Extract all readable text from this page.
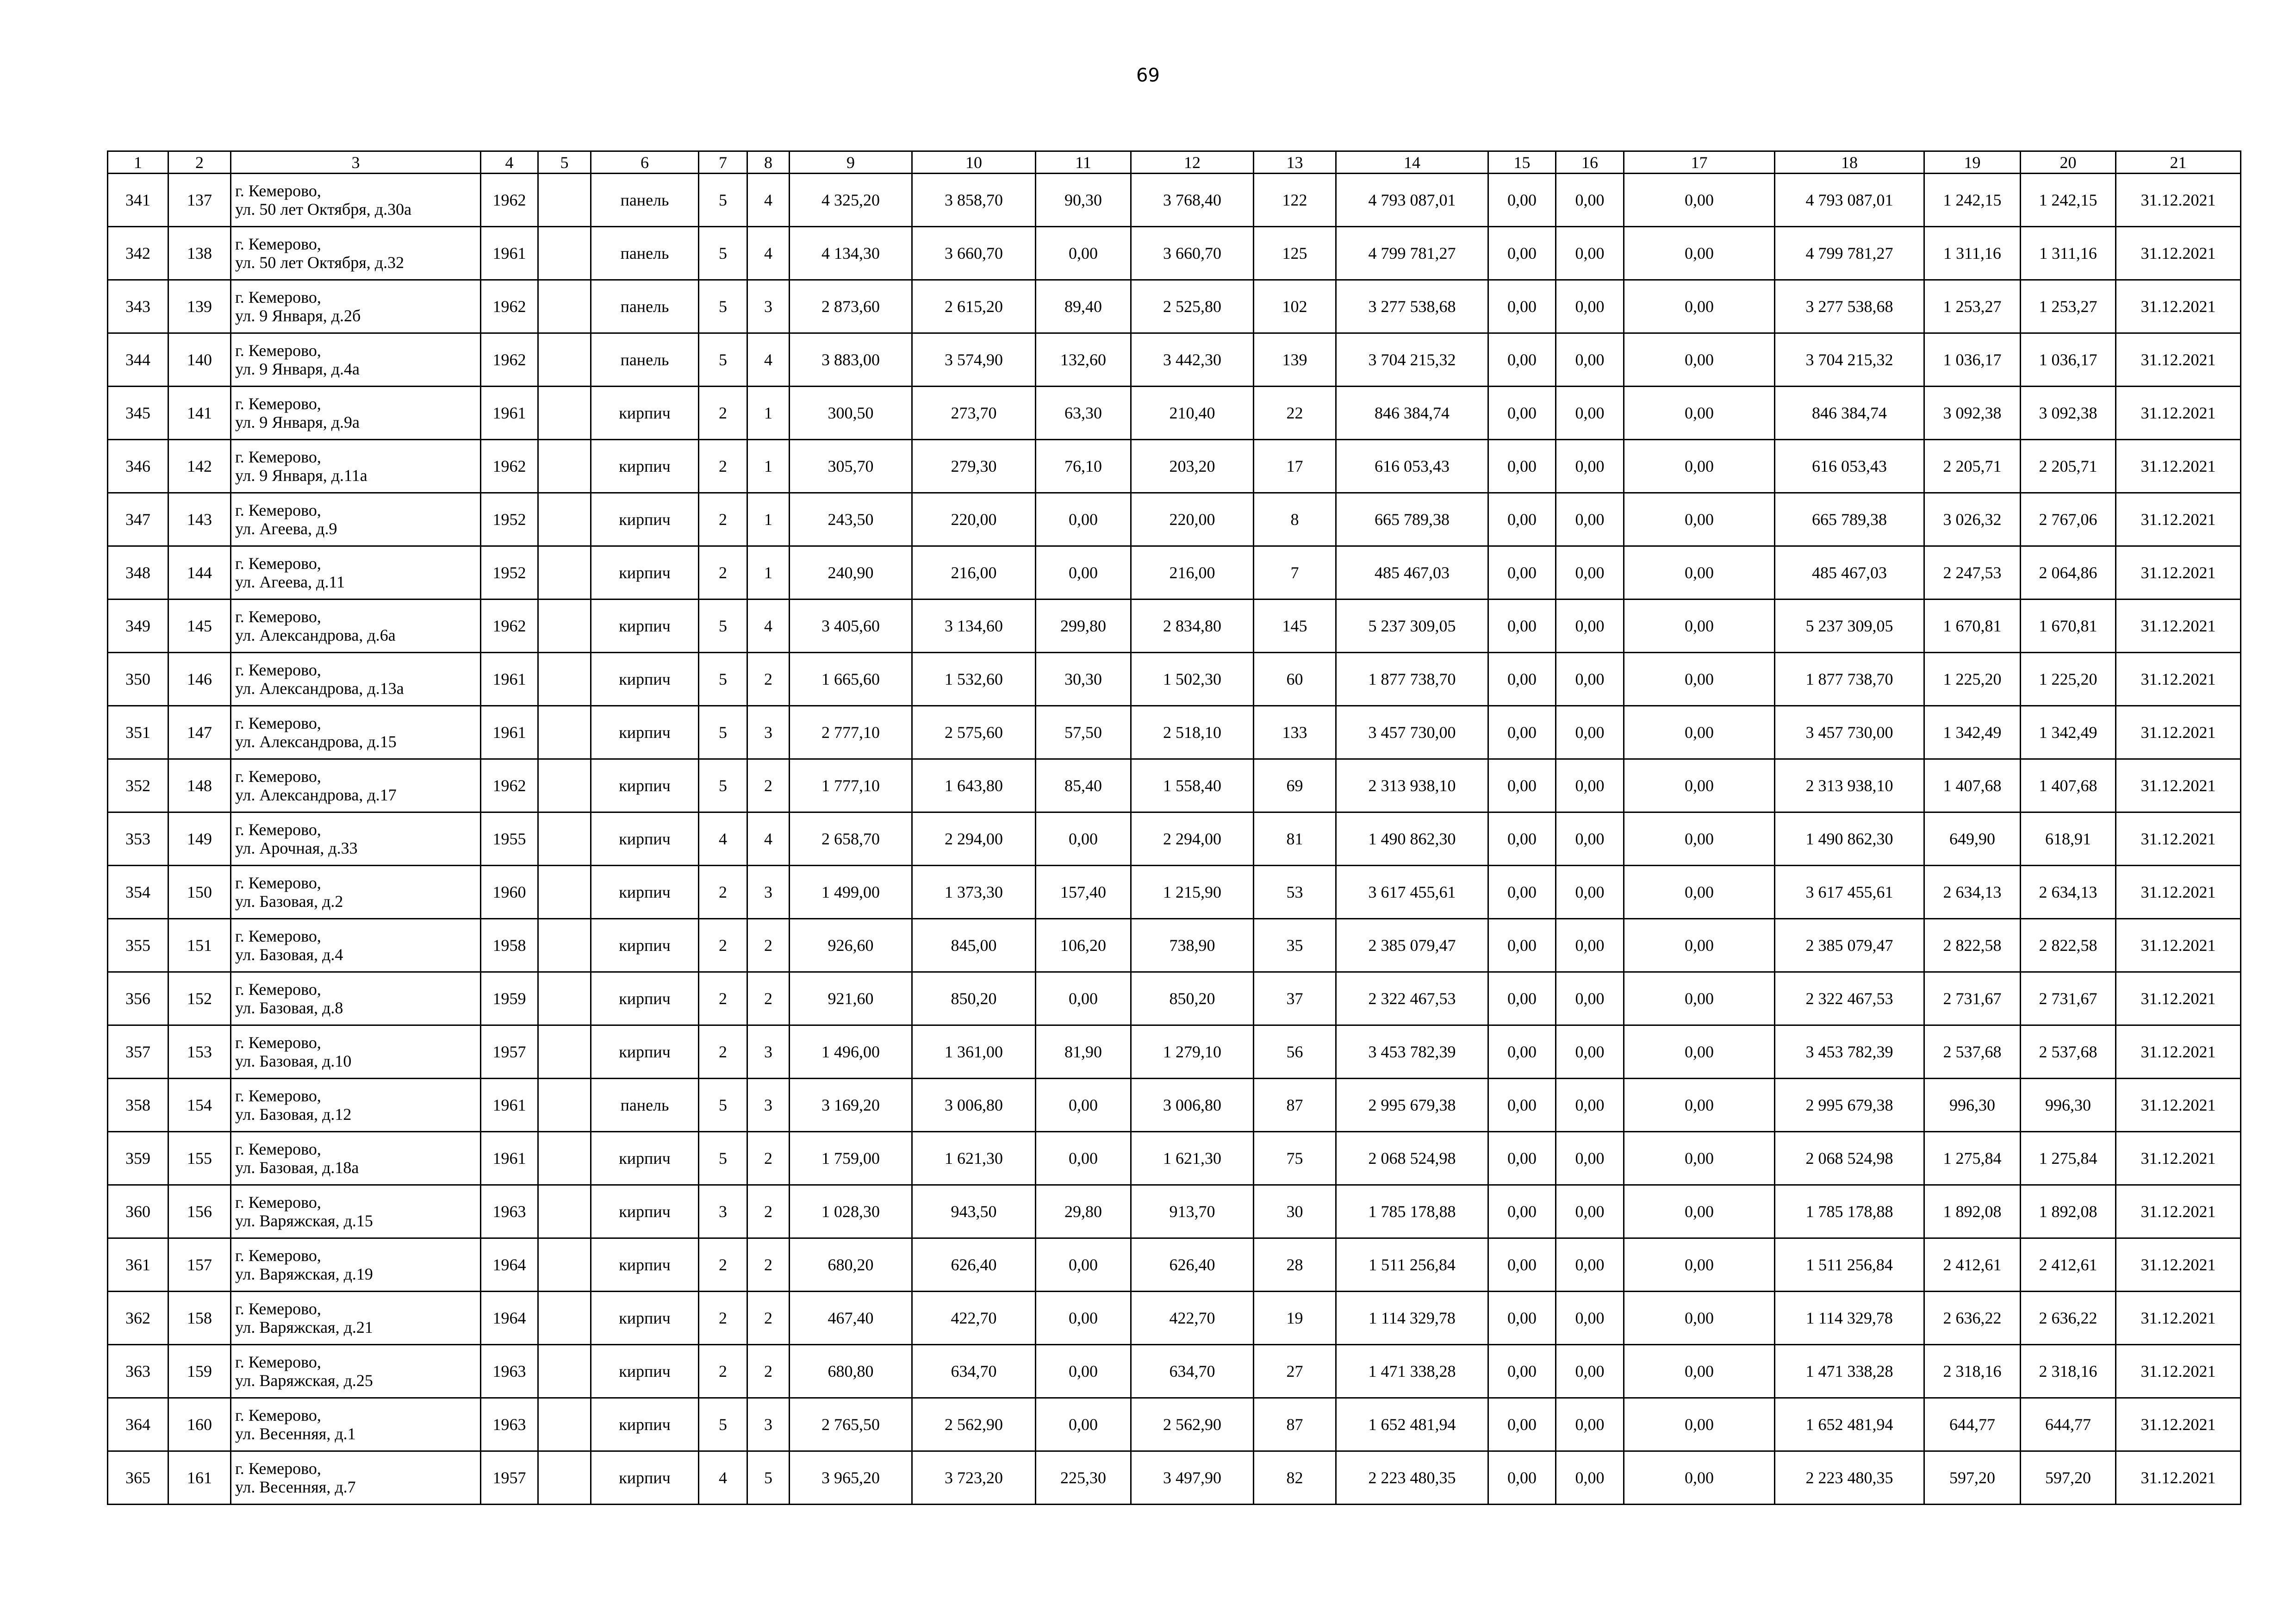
69
1	2	3	4	5	6	7	8	9	10	11	12	13	14	15	16	17	18	19	20	21
341	137	г. Кемерово,
ул. 50 лет Октября, д.30а	1962		панель	5	4	4 325,20	3 858,70	90,30	3 768,40	122	4 793 087,01	0,00	0,00	0,00	4 793 087,01	1 242,15	1 242,15	31.12.2021
342	138	г. Кемерово,
ул. 50 лет Октября, д.32	1961		панель	5	4	4 134,30	3 660,70	0,00	3 660,70	125	4 799 781,27	0,00	0,00	0,00	4 799 781,27	1 311,16	1 311,16	31.12.2021
343	139	г. Кемерово,
ул. 9 Января, д.2б	1962		панель	5	3	2 873,60	2 615,20	89,40	2 525,80	102	3 277 538,68	0,00	0,00	0,00	3 277 538,68	1 253,27	1 253,27	31.12.2021
344	140	г. Кемерово,
ул. 9 Января, д.4а	1962		панель	5	4	3 883,00	3 574,90	132,60	3 442,30	139	3 704 215,32	0,00	0,00	0,00	3 704 215,32	1 036,17	1 036,17	31.12.2021
345	141	г. Кемерово,
ул. 9 Января, д.9а	1961		кирпич	2	1	300,50	273,70	63,30	210,40	22	846 384,74	0,00	0,00	0,00	846 384,74	3 092,38	3 092,38	31.12.2021
346	142	г. Кемерово,
ул. 9 Января, д.11а	1962		кирпич	2	1	305,70	279,30	76,10	203,20	17	616 053,43	0,00	0,00	0,00	616 053,43	2 205,71	2 205,71	31.12.2021
347	143	г. Кемерово,
ул. Агеева, д.9	1952		кирпич	2	1	243,50	220,00	0,00	220,00	8	665 789,38	0,00	0,00	0,00	665 789,38	3 026,32	2 767,06	31.12.2021
348	144	г. Кемерово,
ул. Агеева, д.11	1952		кирпич	2	1	240,90	216,00	0,00	216,00	7	485 467,03	0,00	0,00	0,00	485 467,03	2 247,53	2 064,86	31.12.2021
349	145	г. Кемерово,
ул. Александрова, д.6а	1962		кирпич	5	4	3 405,60	3 134,60	299,80	2 834,80	145	5 237 309,05	0,00	0,00	0,00	5 237 309,05	1 670,81	1 670,81	31.12.2021
350	146	г. Кемерово,
ул. Александрова, д.13а	1961		кирпич	5	2	1 665,60	1 532,60	30,30	1 502,30	60	1 877 738,70	0,00	0,00	0,00	1 877 738,70	1 225,20	1 225,20	31.12.2021
351	147	г. Кемерово,
ул. Александрова, д.15	1961		кирпич	5	3	2 777,10	2 575,60	57,50	2 518,10	133	3 457 730,00	0,00	0,00	0,00	3 457 730,00	1 342,49	1 342,49	31.12.2021
352	148	г. Кемерово,
ул. Александрова, д.17	1962		кирпич	5	2	1 777,10	1 643,80	85,40	1 558,40	69	2 313 938,10	0,00	0,00	0,00	2 313 938,10	1 407,68	1 407,68	31.12.2021
353	149	г. Кемерово,
ул. Арочная, д.33	1955		кирпич	4	4	2 658,70	2 294,00	0,00	2 294,00	81	1 490 862,30	0,00	0,00	0,00	1 490 862,30	649,90	618,91	31.12.2021
354	150	г. Кемерово,
ул. Базовая, д.2	1960		кирпич	2	3	1 499,00	1 373,30	157,40	1 215,90	53	3 617 455,61	0,00	0,00	0,00	3 617 455,61	2 634,13	2 634,13	31.12.2021
355	151	г. Кемерово,
ул. Базовая, д.4	1958		кирпич	2	2	926,60	845,00	106,20	738,90	35	2 385 079,47	0,00	0,00	0,00	2 385 079,47	2 822,58	2 822,58	31.12.2021
356	152	г. Кемерово,
ул. Базовая, д.8	1959		кирпич	2	2	921,60	850,20	0,00	850,20	37	2 322 467,53	0,00	0,00	0,00	2 322 467,53	2 731,67	2 731,67	31.12.2021
357	153	г. Кемерово,
ул. Базовая, д.10	1957		кирпич	2	3	1 496,00	1 361,00	81,90	1 279,10	56	3 453 782,39	0,00	0,00	0,00	3 453 782,39	2 537,68	2 537,68	31.12.2021
358	154	г. Кемерово,
ул. Базовая, д.12	1961		панель	5	3	3 169,20	3 006,80	0,00	3 006,80	87	2 995 679,38	0,00	0,00	0,00	2 995 679,38	996,30	996,30	31.12.2021
359	155	г. Кемерово,
ул. Базовая, д.18а	1961		кирпич	5	2	1 759,00	1 621,30	0,00	1 621,30	75	2 068 524,98	0,00	0,00	0,00	2 068 524,98	1 275,84	1 275,84	31.12.2021
360	156	г. Кемерово,
ул. Варяжская, д.15	1963		кирпич	3	2	1 028,30	943,50	29,80	913,70	30	1 785 178,88	0,00	0,00	0,00	1 785 178,88	1 892,08	1 892,08	31.12.2021
361	157	г. Кемерово,
ул. Варяжская, д.19	1964		кирпич	2	2	680,20	626,40	0,00	626,40	28	1 511 256,84	0,00	0,00	0,00	1 511 256,84	2 412,61	2 412,61	31.12.2021
362	158	г. Кемерово,
ул. Варяжская, д.21	1964		кирпич	2	2	467,40	422,70	0,00	422,70	19	1 114 329,78	0,00	0,00	0,00	1 114 329,78	2 636,22	2 636,22	31.12.2021
363	159	г. Кемерово,
ул. Варяжская, д.25	1963		кирпич	2	2	680,80	634,70	0,00	634,70	27	1 471 338,28	0,00	0,00	0,00	1 471 338,28	2 318,16	2 318,16	31.12.2021
364	160	г. Кемерово,
ул. Весенняя, д.1	1963		кирпич	5	3	2 765,50	2 562,90	0,00	2 562,90	87	1 652 481,94	0,00	0,00	0,00	1 652 481,94	644,77	644,77	31.12.2021
365	161	г. Кемерово,
ул. Весенняя, д.7	1957		кирпич	4	5	3 965,20	3 723,20	225,30	3 497,90	82	2 223 480,35	0,00	0,00	0,00	2 223 480,35	597,20	597,20	31.12.2021
